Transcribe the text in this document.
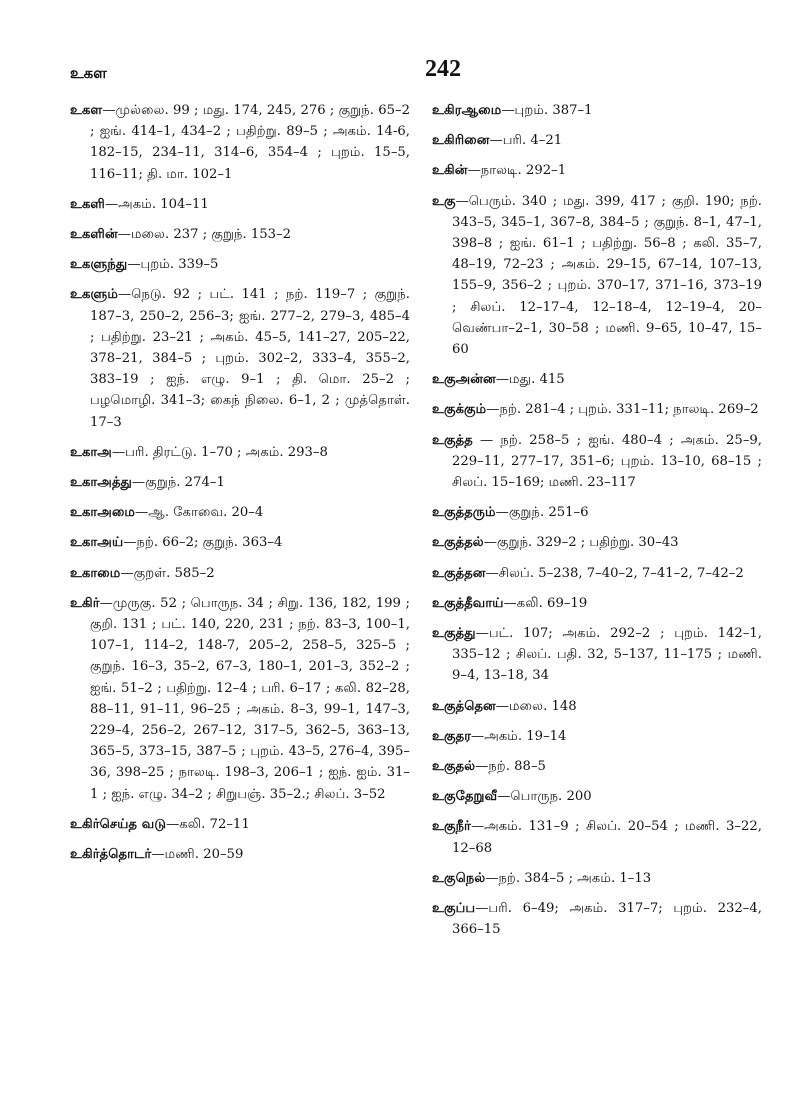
உகள	242

உகள—முல்லை. 99 ; மது. 174, 245, 276 ; குறுந். 65–2 ; ஐங். 414–1, 434–2 ; பதிற்று. 89–5 ; அகம். 14-6, 182–15, 234–11, 314–6, 354–4 ; புறம். 15–5, 116–11; தி. மா. 102–1

உகளி—அகம். 104–11

உகளின்—மலை. 237 ; குறுந். 153–2

உகளுந்து—புறம். 339–5

உகளும்—நெடு. 92 ; பட். 141 ; நற். 119–7 ; குறுந். 187–3, 250–2, 256–3; ஐங். 277–2, 279–3, 485–4 ; பதிற்று. 23–21 ; அகம். 45–5, 141–27, 205–22, 378–21, 384–5 ; புறம். 302–2, 333–4, 355–2, 383–19 ; ஐந். எழு. 9–1 ; தி. மொ. 25–2 ; பழமொழி. 341–3; கைந் நிலை. 6–1, 2 ; முத்தொள். 17–3

உகாஅ—பரி. திரட்டு. 1–70 ; அகம். 293–8

உகாஅத்து—குறுந். 274–1

உகாஅமை—ஆ. கோவை. 20–4

உகாஅய்—நற். 66–2; குறுந். 363–4

உகாமை—குறள். 585–2

உகிர்—முருகு. 52 ; பொருந. 34 ; சிறு. 136, 182, 199 ; குறி. 131 ; பட். 140, 220, 231 ; நற். 83–3, 100–1, 107–1, 114–2, 148-7, 205–2, 258–5, 325–5 ; குறுந். 16–3, 35–2, 67–3, 180–1, 201–3, 352–2 ; ஐங். 51–2 ; பதிற்று. 12–4 ; பரி. 6–17 ; கலி. 82–28, 88–11, 91–11, 96–25 ; அகம். 8–3, 99–1, 147–3, 229–4, 256–2, 267–12, 317–5, 362–5, 363–13, 365–5, 373–15, 387–5 ; புறம். 43–5, 276–4, 395–36, 398–25 ; நாலடி. 198–3, 206–1 ; ஐந். ஐம். 31–1 ; ஐந். எழு. 34–2 ; சிறுபஞ். 35–2.; சிலப். 3–52

உகிர்செய்த வடு—கலி. 72–11

உகிர்த்தொடர்—மணி. 20–59

உகிரஆமை—புறம். 387–1

உகிரினை—பரி. 4–21

உகின்—நாலடி. 292–1

உகு—பெரும். 340 ; மது. 399, 417 ; குறி. 190; நற். 343–5, 345–1, 367–8, 384–5 ; குறுந். 8–1, 47–1, 398–8 ; ஐங். 61–1 ; பதிற்று. 56–8 ; கலி. 35–7, 48–19, 72–23 ; அகம். 29–15, 67–14, 107–13, 155–9, 356–2 ; புறம். 370–17, 371–16, 373–19 ; சிலப். 12–17–4, 12–18–4, 12–19–4, 20–வெண்பா–2–1, 30–58 ; மணி. 9–65, 10–47, 15–60

உகுஅன்ன—மது. 415

உகுக்கும்—நற். 281–4 ; புறம். 331–11; நாலடி. 269–2

உகுத்த — நற். 258–5 ; ஐங். 480–4 ; அகம். 25–9, 229–11, 277–17, 351–6; புறம். 13–10, 68–15 ; சிலப். 15–169; மணி. 23–117

உகுத்தரும்—குறுந். 251–6

உகுத்தல்—குறுந். 329–2 ; பதிற்று. 30–43

உகுத்தன—சிலப். 5–238, 7–40–2, 7–41–2, 7–42–2

உகுத்தீவாய்—கலி. 69–19

உகுத்து—பட். 107; அகம். 292–2 ; புறம். 142–1, 335–12 ; சிலப். பதி. 32, 5–137, 11–175 ; மணி. 9–4, 13–18, 34

உகுத்தென—மலை. 148

உகுதர—அகம். 19–14

உகுதல்—நற். 88–5

உகுதேறுவீ—பொருந. 200

உகுநீர்—அகம். 131–9 ; சிலப். 20–54 ; மணி. 3–22, 12–68

உகுநெல்—நற். 384–5 ; அகம். 1–13

உகுப்ப—பரி. 6–49; அகம். 317–7; புறம். 232–4, 366–15
